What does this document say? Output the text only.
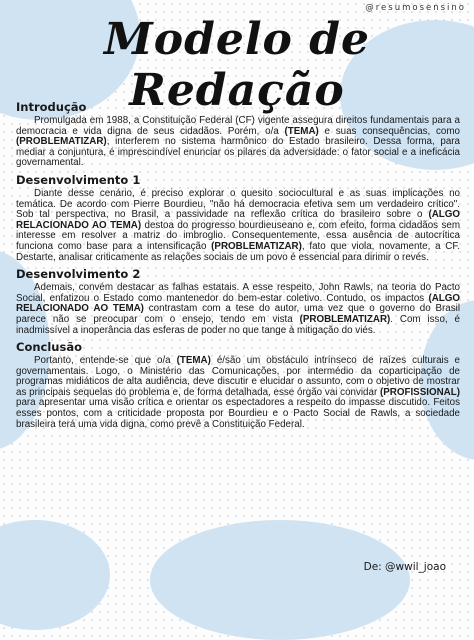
@resumosensino
Modelo de Redação
Introdução

Promulgada em 1988, a Constituição Federal (CF) vigente assegura direitos fundamentais para a democracia e vida digna de seus cidadãos. Porém, o/a (TEMA) e suas consequências, como (PROBLEMATIZAR), interferem no sistema harmônico do Estado brasileiro. Dessa forma, para mediar a conjuntura, é imprescindível enunciar os pilares da adversidade: o fator social e a ineficácia governamental.

Desenvolvimento 1

Diante desse cenário, é preciso explorar o quesito sociocultural e as suas implicações no temática. De acordo com Pierre Bourdieu, "não há democracia efetiva sem um verdadeiro crítico". Sob tal perspectiva, no Brasil, a passividade na reflexão crítica do brasileiro sobre o (ALGO RELACIONADO AO TEMA) destoa do progresso bourdieuseano e, com efeito, forma cidadãos sem interesse em resolver a matriz do imbroglio. Consequentemente, essa ausência de autocrítica funciona como base para a intensificação (PROBLEMATIZAR), fato que viola, novamente, a CF. Destarte, analisar criticamente as relações sociais de um povo é essencial para dirimir o revés.

Desenvolvimento 2

Ademais, convém destacar as falhas estatais. A esse respeito, John Rawls, na teoria do Pacto Social, enfatizou o Estado como mantenedor do bem-estar coletivo. Contudo, os impactos (ALGO RELACIONADO AO TEMA) contrastam com a tese do autor, uma vez que o governo do Brasil parece não se preocupar com o ensejo, tendo em vista (PROBLEMATIZAR). Com isso, é inadmissível a inoperância das esferas de poder no que tange à mitigação do viés.

Conclusão

Portanto, entende-se que o/a (TEMA) é/são um obstáculo intrínseco de raízes culturais e governamentais. Logo, o Ministério das Comunicações, por intermédio da coparticipação de programas midiáticos de alta audiência, deve discutir e elucidar o assunto, com o objetivo de mostrar as principais sequelas do problema e, de forma detalhada, esse órgão vai convidar (PROFISSIONAL) para apresentar uma visão crítica e orientar os espectadores a respeito do impasse discutido. Feitos esses pontos, com a criticidade proposta por Bourdieu e o Pacto Social de Rawls, a sociedade brasileira terá uma vida digna, como prevê a Constituição Federal.

De: @wwil_joao
